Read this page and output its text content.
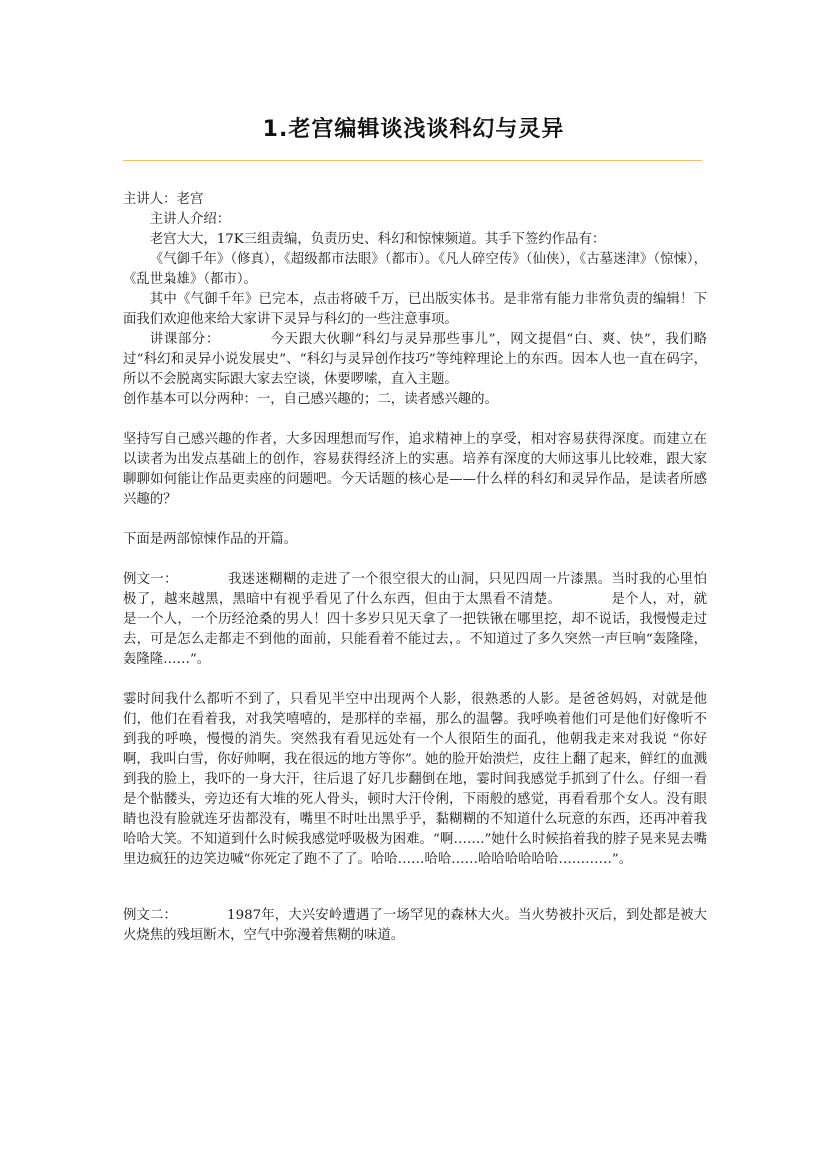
1.老宫编辑谈浅谈科幻与灵异

主讲人：老宫

主讲人介绍：

老宫大大，17K三组责编，负责历史、科幻和惊悚频道。其手下签约作品有：

《气御千年》（修真），《超级都市法眼》（都市）。《凡人碎空传》（仙侠），《古墓迷津》（惊悚），《乱世枭雄》（都市）。

其中《气御千年》已完本，点击将破千万，已出版实体书。是非常有能力非常负责的编辑！下面我们欢迎他来给大家讲下灵异与科幻的一些注意事项。

讲课部分：	今天跟大伙聊“科幻与灵异那些事儿”，网文提倡“白、爽、快”，我们略过“科幻和灵异小说发展史”、“科幻与灵异创作技巧”等纯粹理论上的东西。因本人也一直在码字，所以不会脱离实际跟大家去空谈，休要啰嗦，直入主题。

创作基本可以分两种：一，自己感兴趣的；二，读者感兴趣的。

坚持写自己感兴趣的作者，大多因理想而写作，追求精神上的享受，相对容易获得深度。而建立在以读者为出发点基础上的创作，容易获得经济上的实惠。培养有深度的大师这事儿比较难，跟大家聊聊如何能让作品更卖座的问题吧。今天话题的核心是——什么样的科幻和灵异作品，是读者所感兴趣的？

下面是两部惊悚作品的开篇。

例文一：	我迷迷糊糊的走进了一个很空很大的山洞，只见四周一片漆黑。当时我的心里怕极了，越来越黑，黑暗中有视乎看见了什么东西，但由于太黑看不清楚。	是个人，对，就是一个人，一个历经沧桑的男人！四十多岁只见天拿了一把铁锹在哪里挖，却不说话，我慢慢走过去，可是怎么走都走不到他的面前，只能看着不能过去，。不知道过了多久突然一声巨响“轰隆隆，轰隆隆……”。

霎时间我什么都听不到了，只看见半空中出现两个人影，很熟悉的人影。是爸爸妈妈，对就是他们，他们在看着我，对我笑嘻嘻的，是那样的幸福，那么的温馨。我呼唤着他们可是他们好像听不到我的呼唤，慢慢的消失。突然我有看见远处有一个人很陌生的面孔，他朝我走来对我说 “你好啊，我叫白雪，你好帅啊，我在很远的地方等你”。她的脸开始溃烂，皮往上翻了起来，鲜红的血溅到我的脸上，我吓的一身大汗，往后退了好几步翻倒在地，霎时间我感觉手抓到了什么。仔细一看是个骷髅头，旁边还有大堆的死人骨头，顿时大汗伶俐，下雨般的感觉，再看看那个女人。没有眼睛也没有脸就连牙齿都没有，嘴里不时吐出黑乎乎，黏糊糊的不知道什么玩意的东西，还再冲着我哈哈大笑。不知道到什么时候我感觉呼吸极为困难。“啊…….”她什么时候掐着我的脖子晃来晃去嘴里边疯狂的边笑边喊“你死定了跑不了了。哈哈……哈哈……哈哈哈哈哈哈…………”。

例文二：	1987年，大兴安岭遭遇了一场罕见的森林大火。当火势被扑灭后，到处都是被大火烧焦的残垣断木，空气中弥漫着焦糊的味道。
